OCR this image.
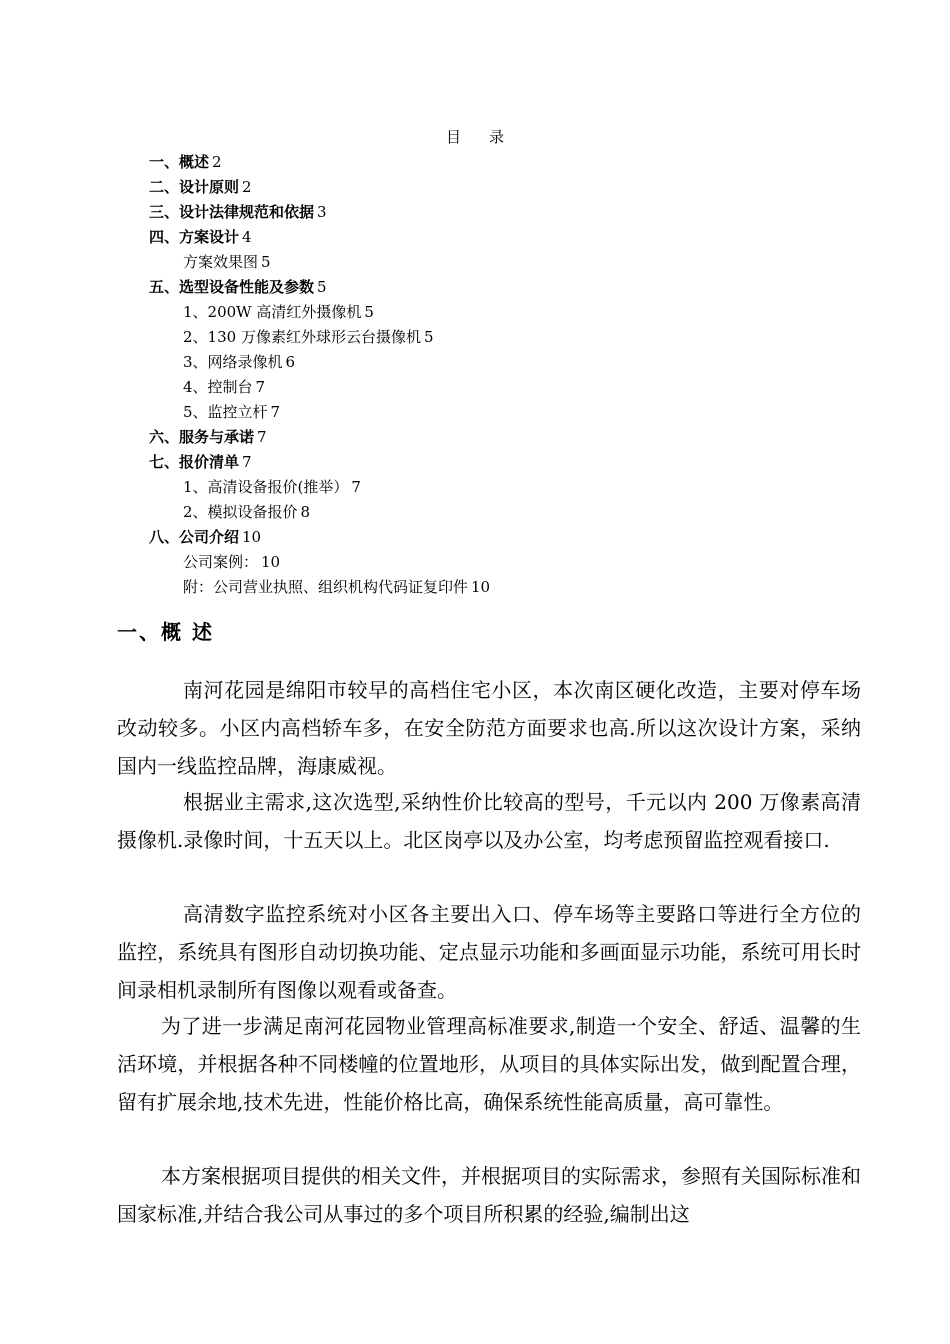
目 录
一、概述 2
二、设计原则 2
三、设计法律规范和依据 3
四、方案设计 4
方案效果图 5
五、选型设备性能及参数 5
1、200W 高清红外摄像机 5
2、130 万像素红外球形云台摄像机 5
3、网络录像机 6
4、控制台 7
5、监控立杆 7
六、服务与承诺 7
七、报价清单 7
1、高清设备报价(推举） 7
2、模拟设备报价 8
八、公司介绍 10
公司案例： 10
附：公司营业执照、组织机构代码证复印件 10
一、概 述

南河花园是绵阳市较早的高档住宅小区，本次南区硬化改造，主要对停车场改动较多。小区内高档轿车多，在安全防范方面要求也高.所以这次设计方案，采纳国内一线监控品牌，海康威视。

根据业主需求,这次选型,采纳性价比较高的型号，千元以内 200 万像素高清摄像机.录像时间，十五天以上。北区岗亭以及办公室，均考虑预留监控观看接口.

高清数字监控系统对小区各主要出入口、停车场等主要路口等进行全方位的监控，系统具有图形自动切换功能、定点显示功能和多画面显示功能，系统可用长时间录相机录制所有图像以观看或备查。

为了进一步满足南河花园物业管理高标准要求,制造一个安全、舒适、温馨的生活环境，并根据各种不同楼幢的位置地形，从项目的具体实际出发，做到配置合理，留有扩展余地,技术先进，性能价格比高，确保系统性能高质量，高可靠性。

本方案根据项目提供的相关文件，并根据项目的实际需求，参照有关国际标准和国家标准,并结合我公司从事过的多个项目所积累的经验,编制出这
